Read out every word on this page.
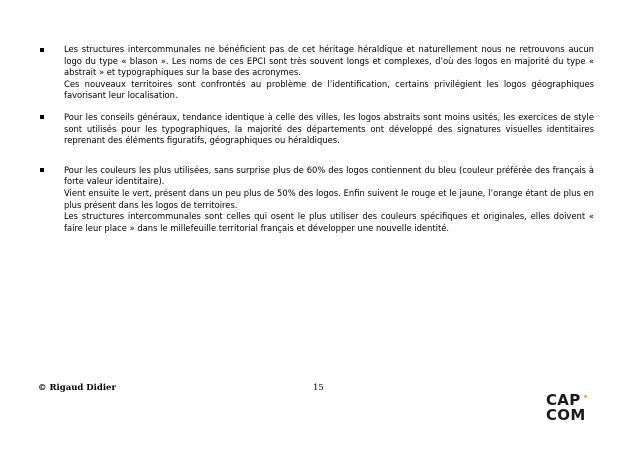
Les structures intercommunales ne bénéficient pas de cet héritage héraldique et naturellement nous ne retrouvons aucun logo du type « blason ». Les noms de ces EPCI sont très souvent longs et complexes, d’où des logos en majorité du type « abstrait » et typographiques sur la base des acronymes.

Ces nouveaux territoires sont confrontés au problème de l’identification, certains privilégient les logos géographiques favorisant leur localisation.

Pour les conseils généraux, tendance identique à celle des villes, les logos abstraits sont moins usités, les exercices de style sont utilisés pour les typographiques, la majorité des départements ont développé des signatures visuelles identitaires reprenant des éléments figuratifs, géographiques ou héraldiques.

Pour les couleurs les plus utilisées, sans surprise plus de 60% des logos contiennent du bleu (couleur préférée des français à forte valeur identitaire).

Vient ensuite le vert, présent dans un peu plus de 50% des logos. Enfin suivent le rouge et le jaune, l’orange étant de plus en plus présent dans les logos de territoires.

Les structures intercommunales sont celles qui osent le plus utiliser des couleurs spécifiques et originales, elles doivent « faire leur place » dans le millefeuille territorial français et développer une nouvelle identité.

© Rigaud Didier	15
CAP
COM
